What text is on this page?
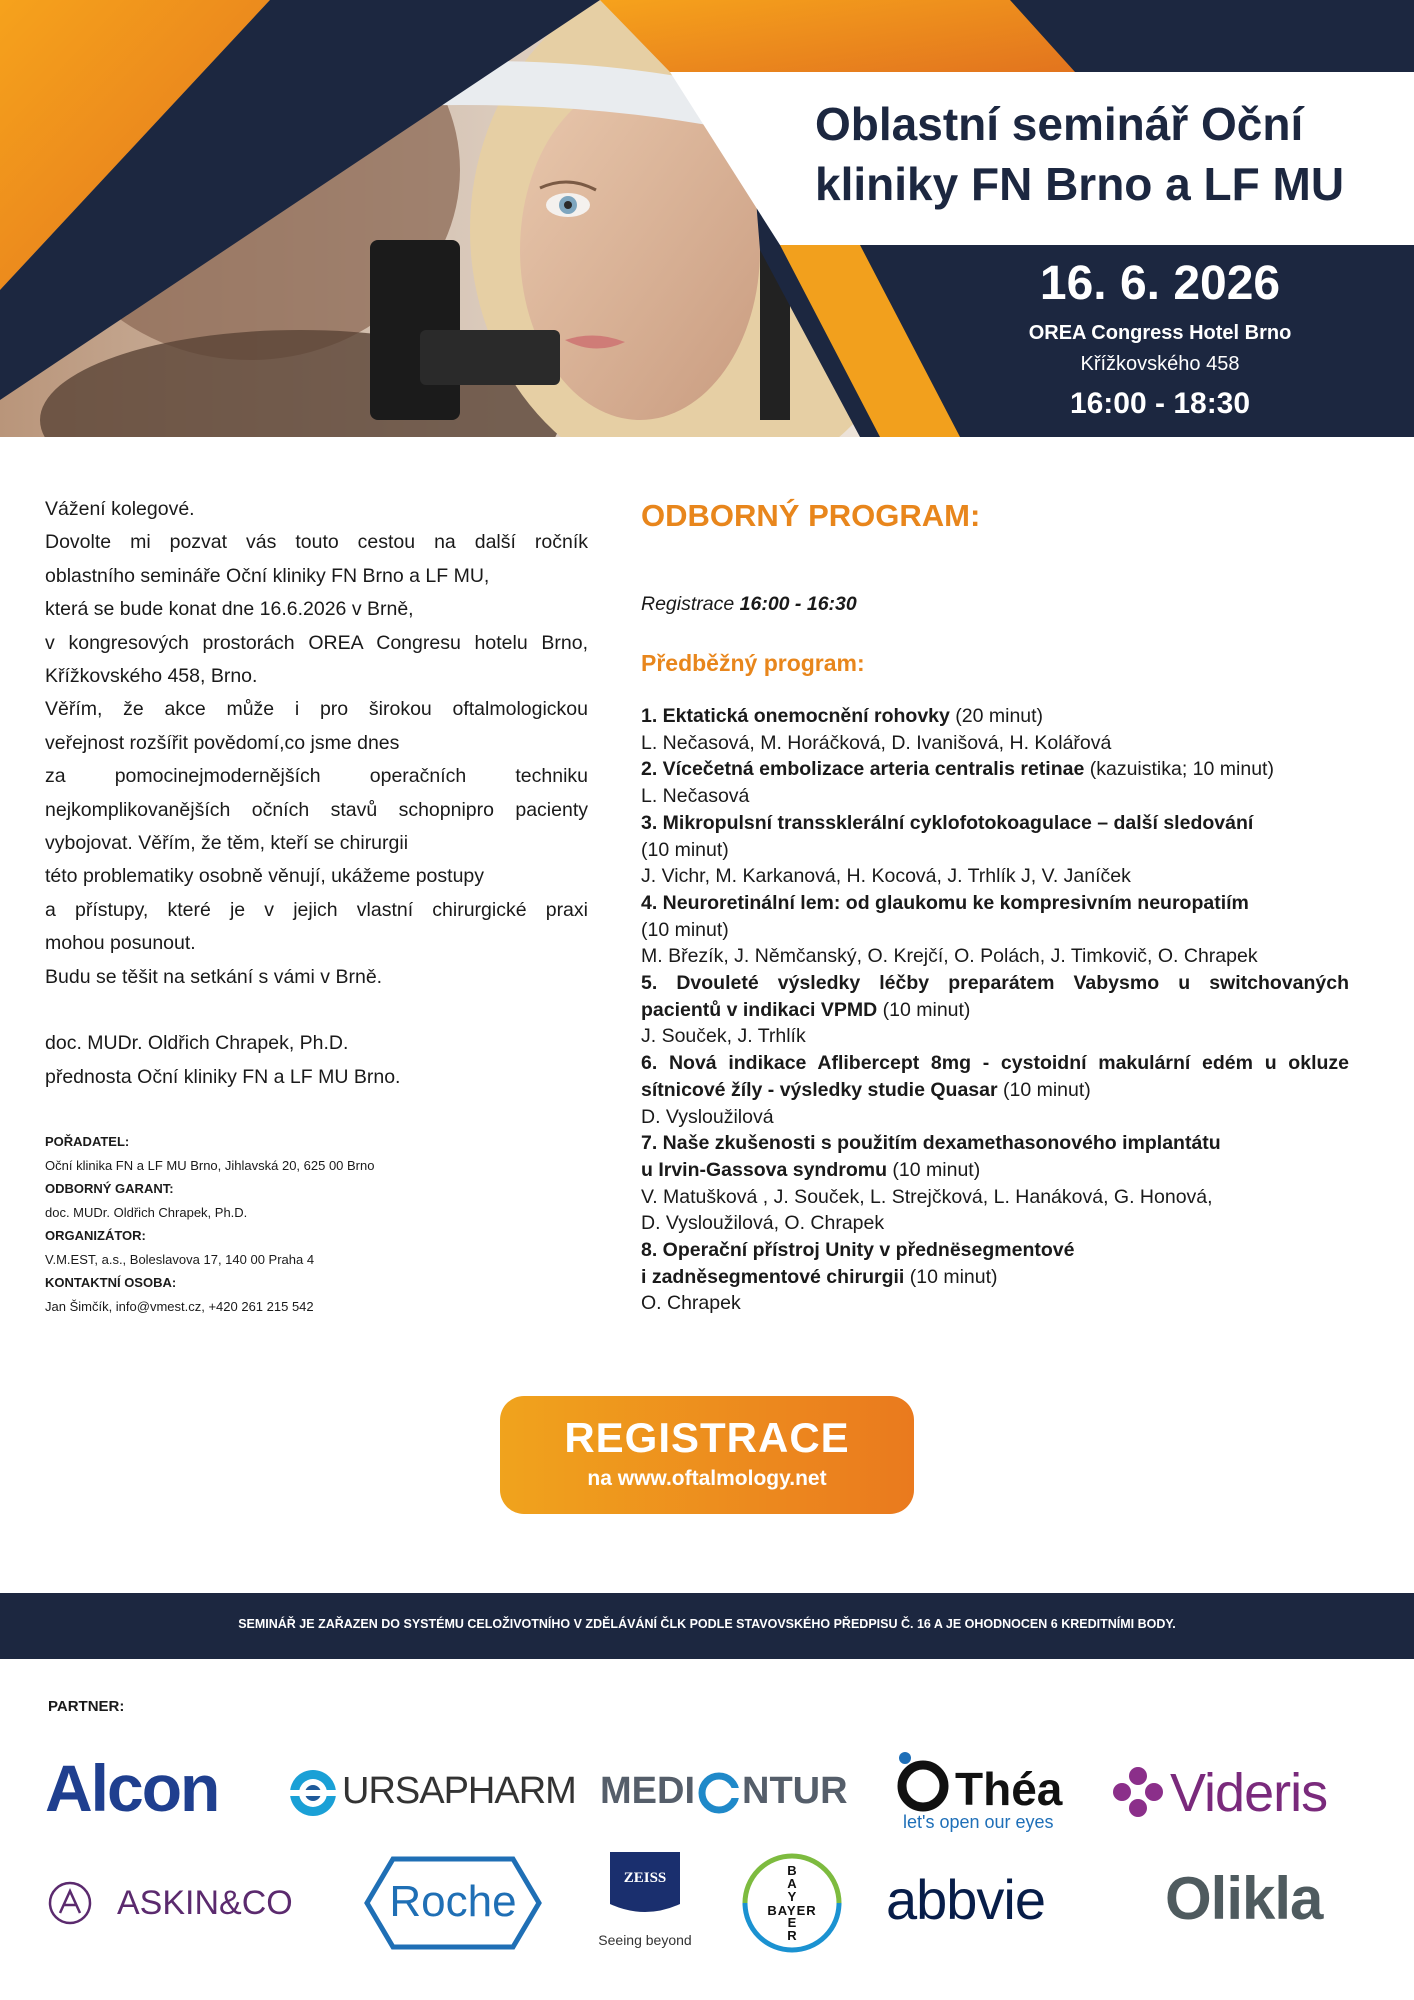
Oblastní seminář Oční
kliniky FN Brno a LF MU
16. 6. 2026
OREA Congress Hotel Brno
Křížkovského 458
16:00 - 18:30

Vážení kolegové.

Dovolte mi pozvat vás touto cestou na další ročník

oblastního semináře Oční kliniky FN Brno a LF MU,

která se bude konat dne 16.6.2026 v Brně,

v kongresových prostorách OREA Congresu hotelu Brno,

Křížkovského 458, Brno.

Věřím, že akce může i pro širokou oftalmologickou

veřejnost rozšířit povědomí,co jsme dnes

za pomocinejmodernějších operačních techniku

nejkomplikovanějších očních stavů schopnipro pacienty

vybojovat. Věřím, že těm, kteří se chirurgii

této problematiky osobně věnují, ukážeme postupy

a přístupy, které je v jejich vlastní chirurgické praxi

mohou posunout.

Budu se těšit na setkání s vámi v Brně.

doc. MUDr. Oldřich Chrapek, Ph.D.

přednosta Oční kliniky FN a LF MU Brno.

POŘADATEL:
Oční klinika FN a LF MU Brno, Jihlavská 20, 625 00 Brno
ODBORNÝ GARANT:
doc. MUDr. Oldřich Chrapek, Ph.D.
ORGANIZÁTOR:
V.M.EST, a.s., Boleslavova 17, 140 00 Praha 4
KONTAKTNÍ OSOBA:
Jan Šimčík, info@vmest.cz, +420 261 215 542
ODBORNÝ PROGRAM:
Registrace 16:00 - 16:30
Předběžný program:

1. Ektatická onemocnění rohovky (20 minut)

L. Nečasová, M. Horáčková, D. Ivanišová, H. Kolářová

2. Vícečetná embolizace arteria centralis retinae (kazuistika; 10 minut)

L. Nečasová

3. Mikropulsní transsklerální cyklofotokoagulace – další sledování

(10 minut)

J. Vichr, M. Karkanová, H. Kocová, J. Trhlík J, V. Janíček

4. Neuroretinální lem: od glaukomu ke kompresivním neuropatiím

(10 minut)

M. Březík, J. Němčanský, O. Krejčí, O. Polách, J. Timkovič, O. Chrapek

5. Dvouleté výsledky léčby preparátem Vabysmo u switchovaných

pacientů v indikaci VPMD (10 minut)

J. Souček, J. Trhlík

6. Nová indikace Aflibercept 8mg - cystoidní makulární edém u okluze

sítnicové žíly - výsledky studie Quasar (10 minut)

D. Vysloužilová

7. Naše zkušenosti s použitím dexamethasonového implantátu

u Irvin-Gassova syndromu (10 minut)

V. Matušková , J. Souček, L. Strejčková, L. Hanáková, G. Honová,

D. Vysloužilová, O. Chrapek

8. Operační přístroj Unity v přednësegmentové

i zadněsegmentové chirurgii (10 minut)

O. Chrapek

REGISTRACE
na www.oftalmology.net
SEMINÁŘ JE ZAŘAZEN DO SYSTÉMU CELOŽIVOTNÍHO V ZDĚLÁVÁNÍ ČLK PODLE STAVOVSKÉHO PŘEDPISU Č. 16 A JE OHODNOCEN 6 KREDITNÍMI BODY.
PARTNER:
Alcon	URSAPHARM MEDI NTUR Théa
let's open our eyes Videris
ASKIN&CO	Roche	ZEISS
Seeing beyond
B
A
Y
E
R
BAYER	abbvie	Olikla
